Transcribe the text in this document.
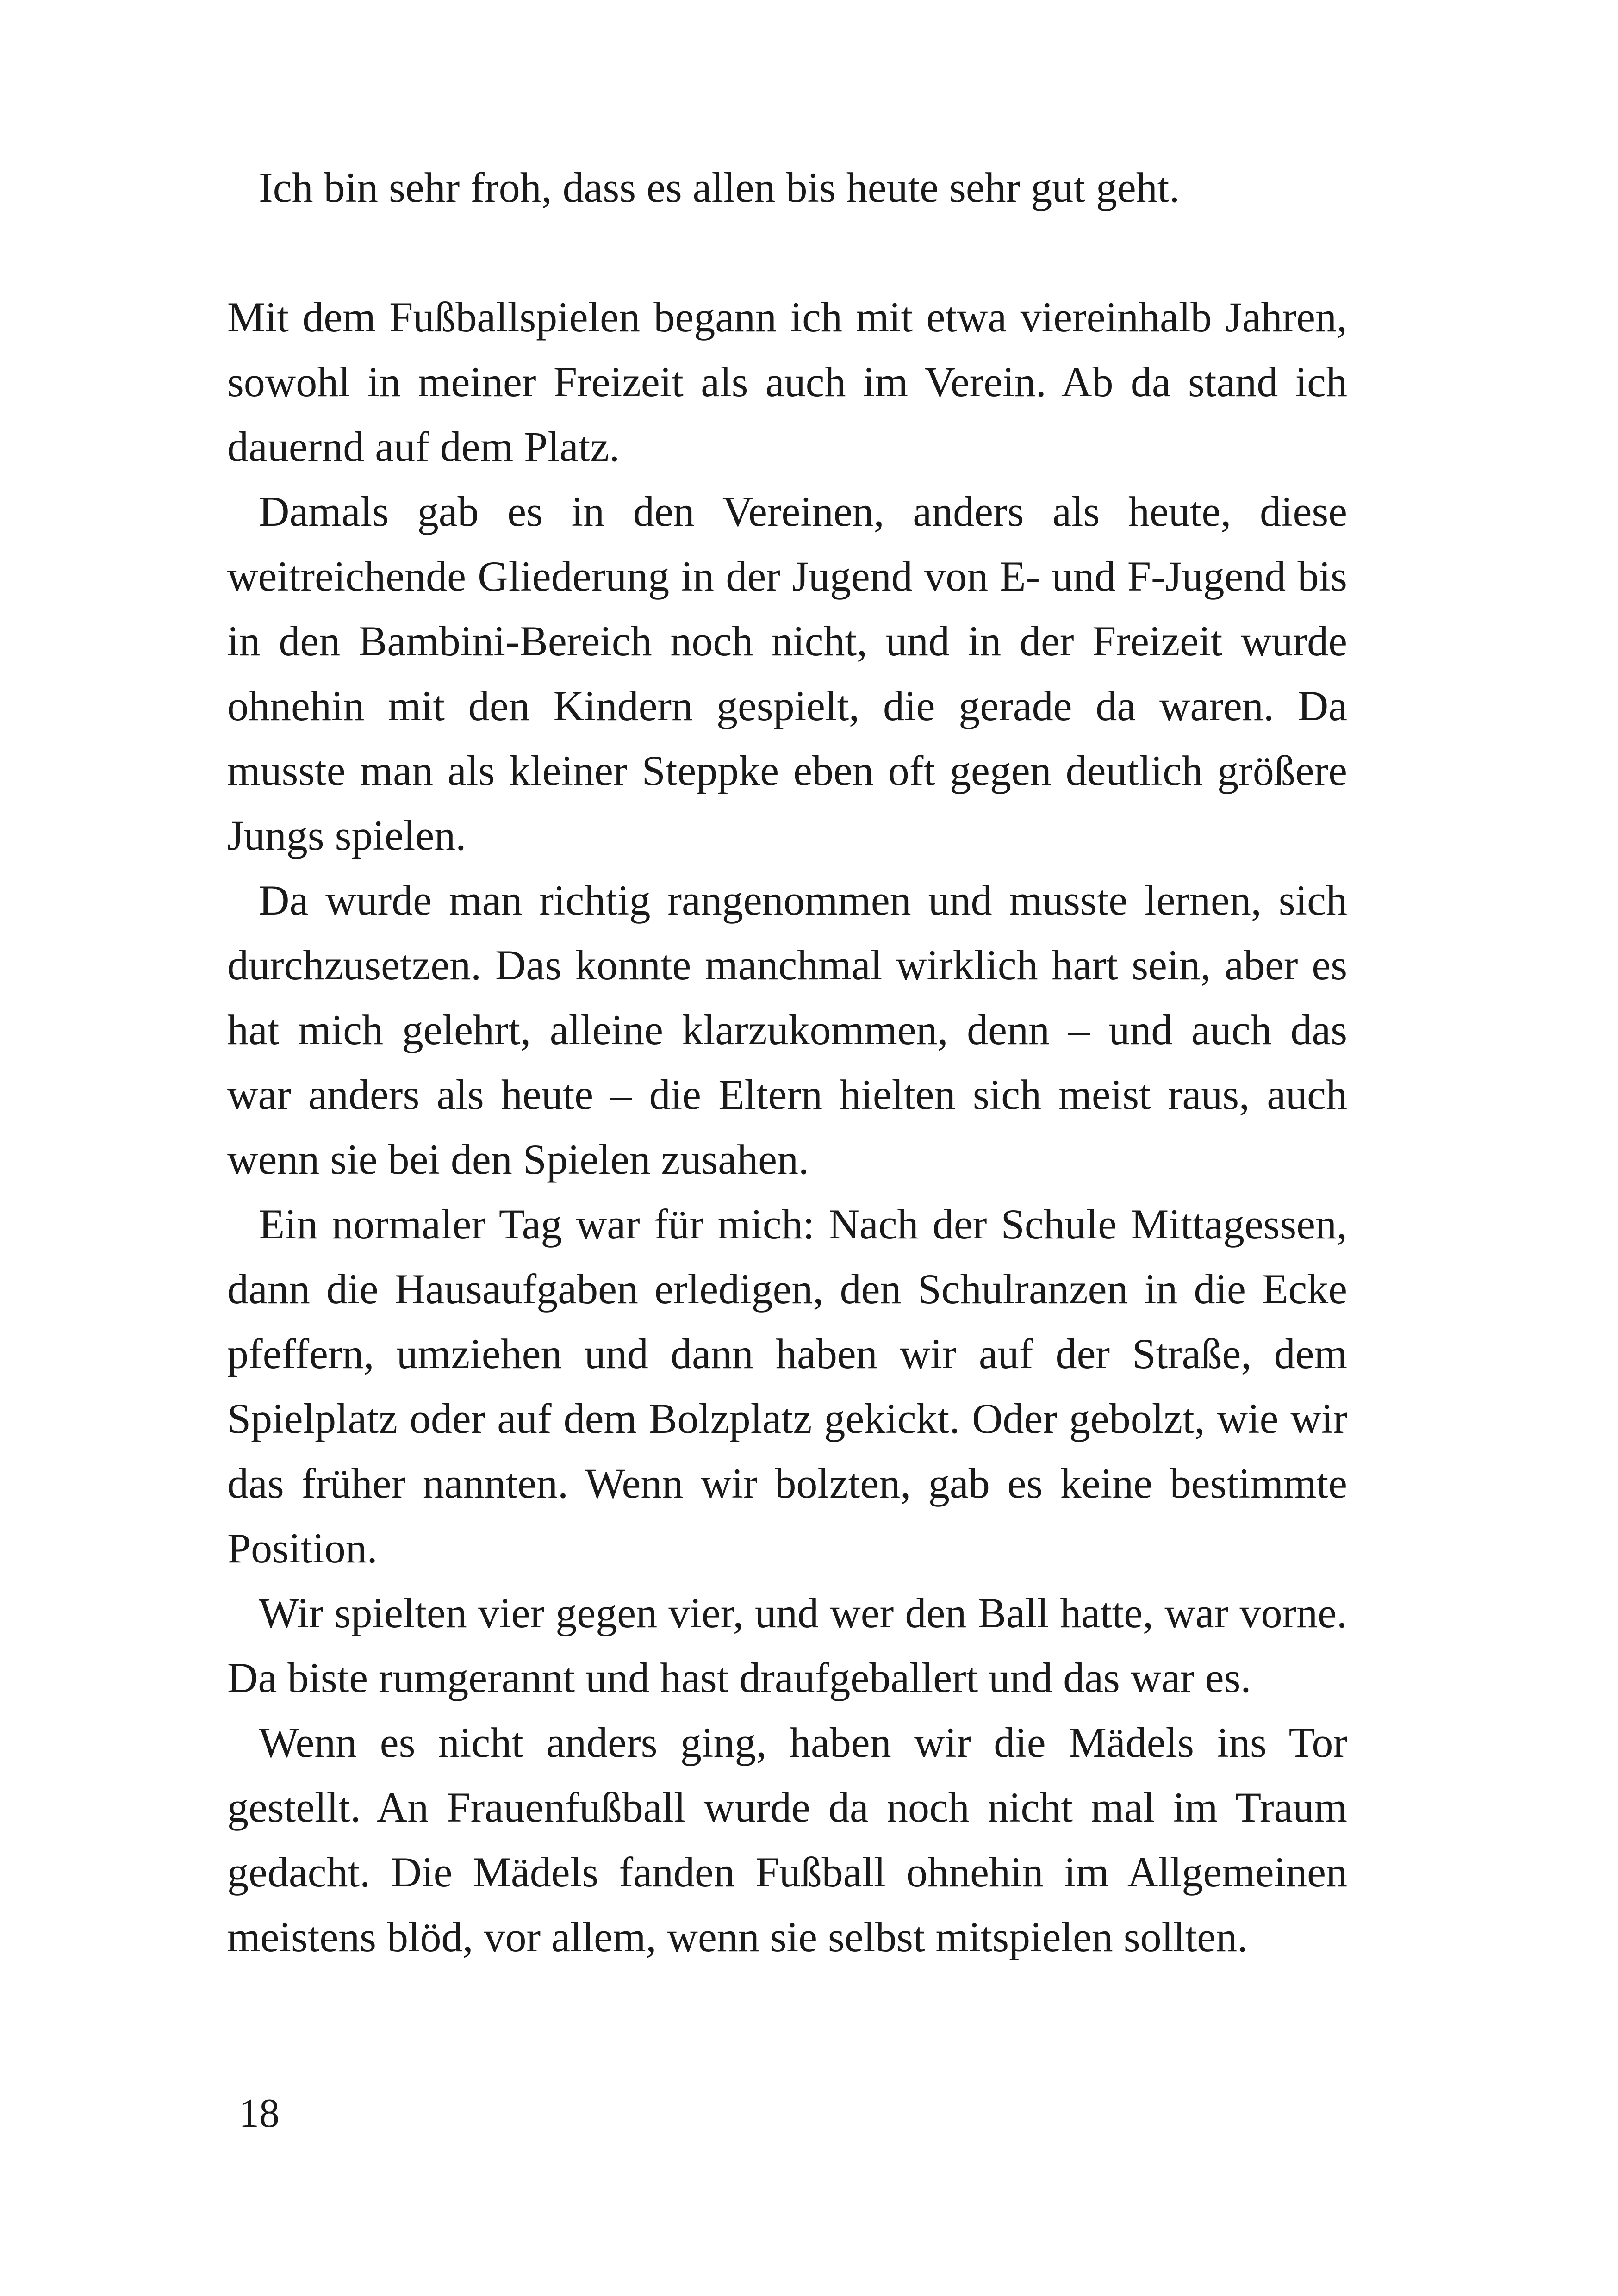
Ich bin sehr froh, dass es allen bis heute sehr gut geht.

Mit dem Fußballspielen begann ich mit etwa viereinhalb Jahren, sowohl in meiner Freizeit als auch im Verein. Ab da stand ich dauernd auf dem Platz.

Damals gab es in den Vereinen, anders als heute, diese weitreichende Gliederung in der Jugend von E- und F-Jugend bis in den Bambini-Bereich noch nicht, und in der Freizeit wurde ohnehin mit den Kindern gespielt, die gerade da waren. Da musste man als kleiner Steppke eben oft gegen deutlich größere Jungs spielen.

Da wurde man richtig rangenommen und musste lernen, sich durchzusetzen. Das konnte manchmal wirklich hart sein, aber es hat mich gelehrt, alleine klarzukommen, denn – und auch das war anders als heute – die Eltern hielten sich meist raus, auch wenn sie bei den Spielen zusahen.

Ein normaler Tag war für mich: Nach der Schule Mittagessen, dann die Hausaufgaben erledigen, den Schulranzen in die Ecke pfeffern, umziehen und dann haben wir auf der Straße, dem Spielplatz oder auf dem Bolzplatz gekickt. Oder gebolzt, wie wir das früher nannten. Wenn wir bolzten, gab es keine bestimmte Position.

Wir spielten vier gegen vier, und wer den Ball hatte, war vorne. Da biste rumgerannt und hast draufgeballert und das war es.

Wenn es nicht anders ging, haben wir die Mädels ins Tor gestellt. An Frauenfußball wurde da noch nicht mal im Traum gedacht. Die Mädels fanden Fußball ohnehin im Allgemeinen meistens blöd, vor allem, wenn sie selbst mitspielen sollten.

18
